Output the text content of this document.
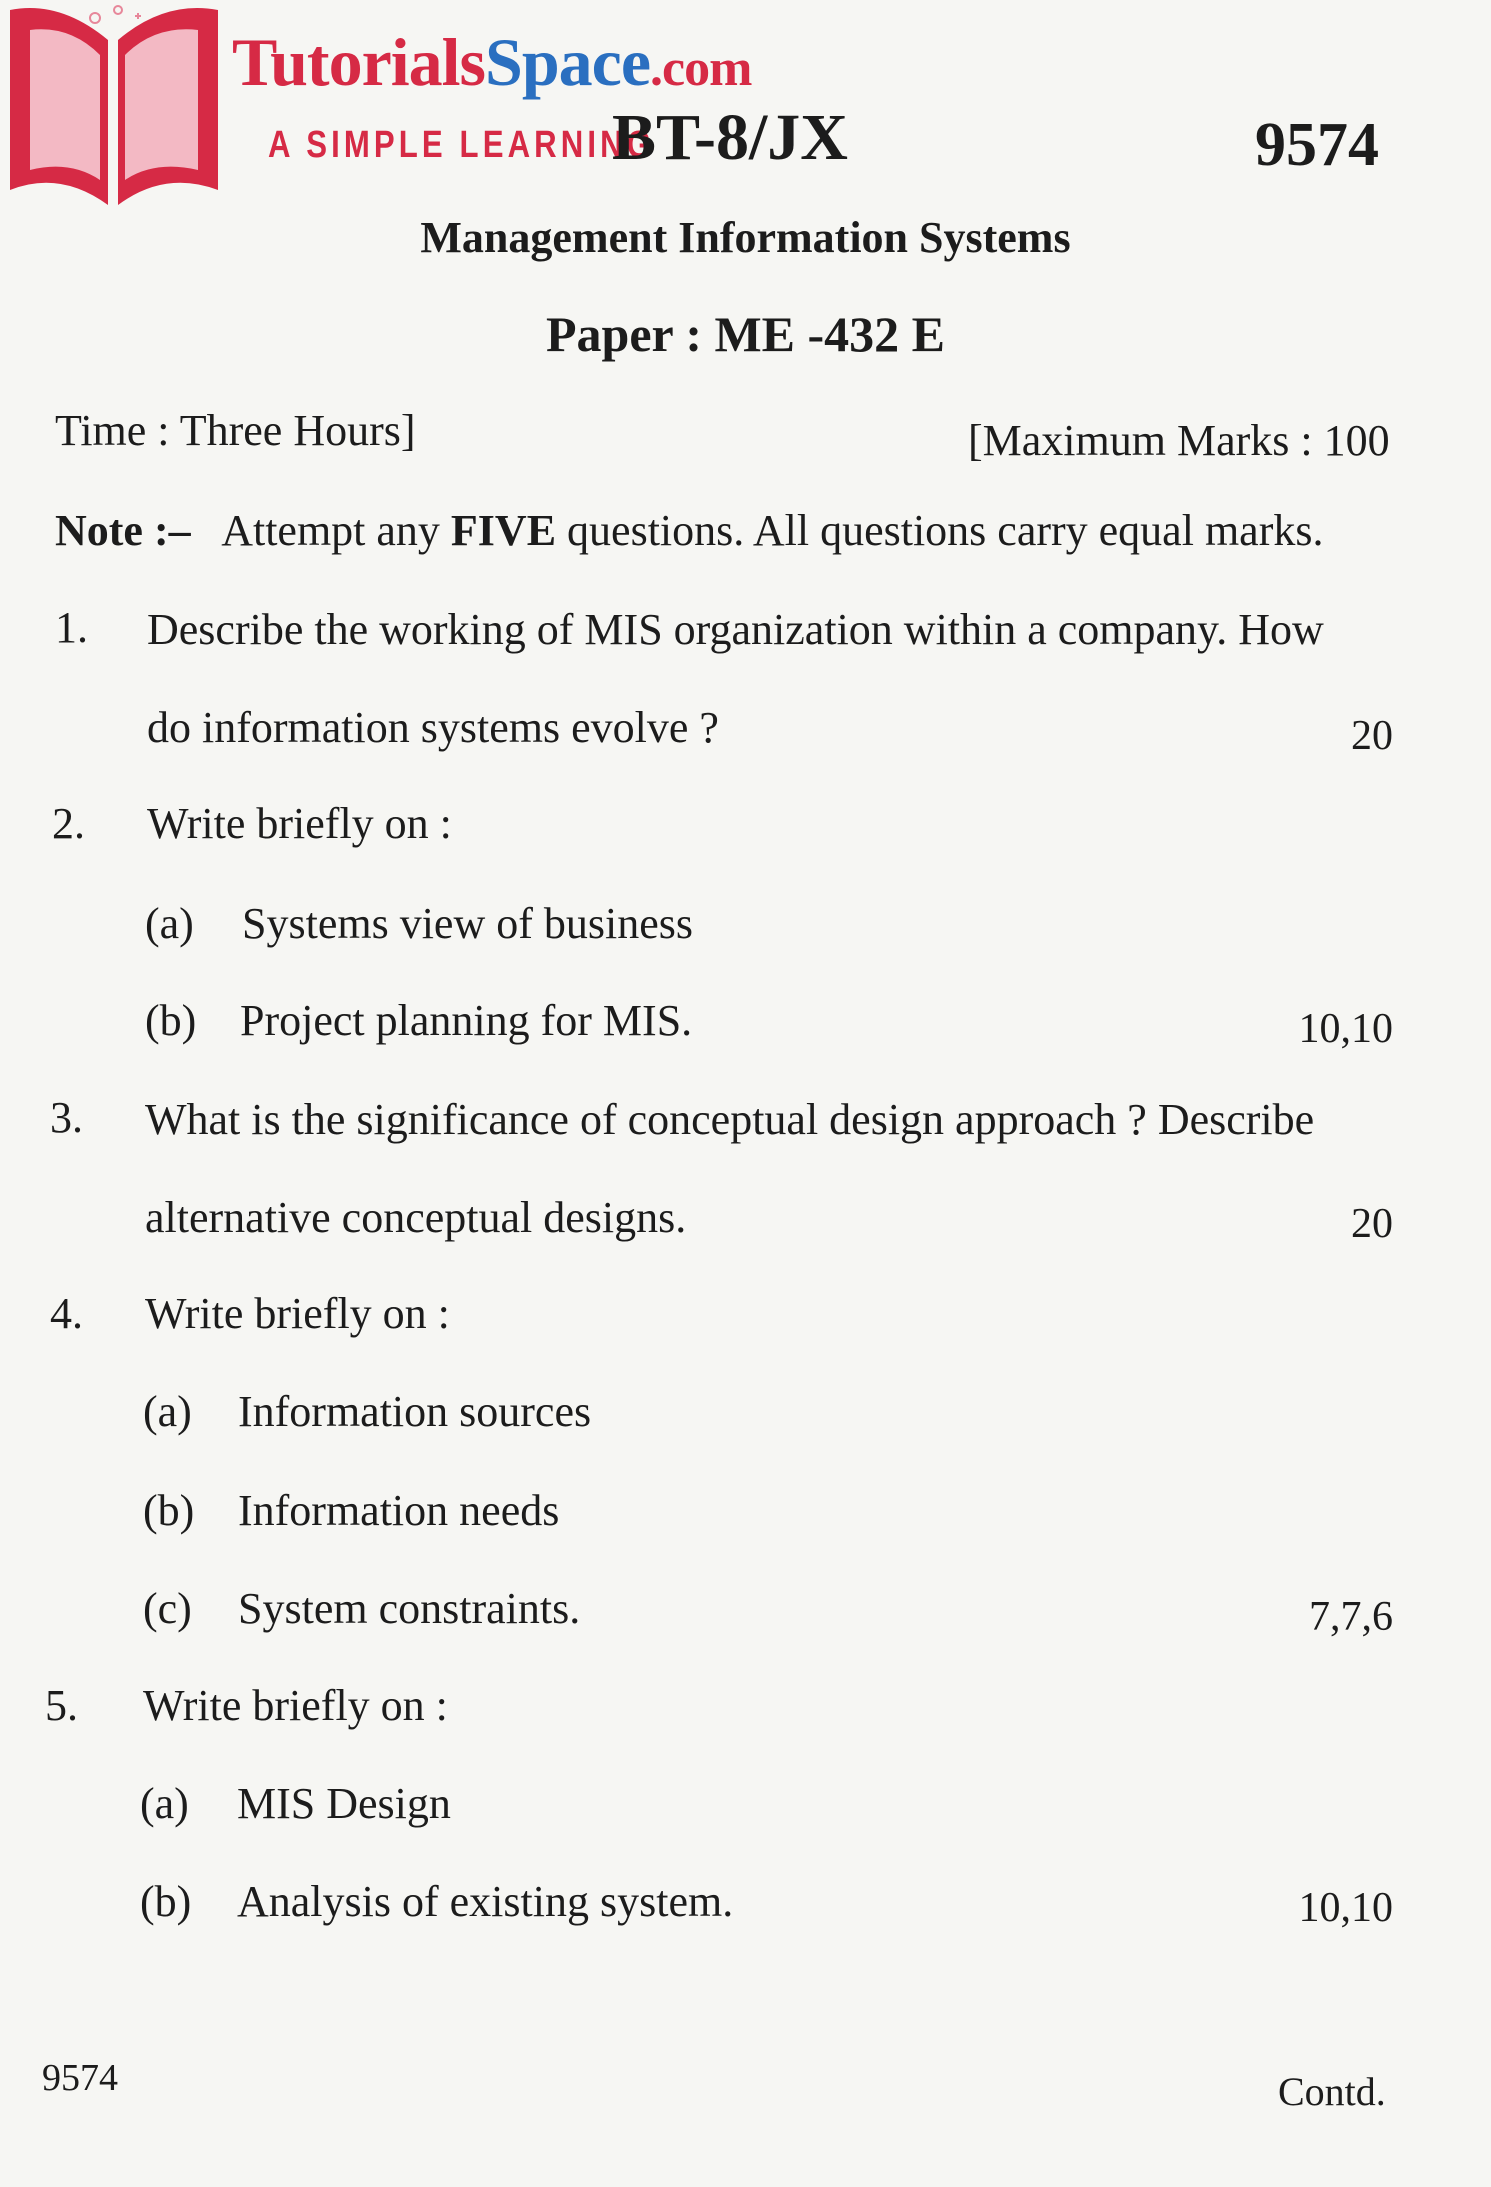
TutorialsSpace.com
A SIMPLE LEARNING
BT-8/JX	9574
Management Information Systems
Paper : ME -432 E
Time : Three Hours]	[Maximum Marks : 100
Note :– Attempt any FIVE questions. All questions carry equal marks.
1. Describe the working of MIS organization within a company. How
do information systems evolve ?	20
2. Write briefly on :
(a) Systems view of business
(b) Project planning for MIS.	10,10
3. What is the significance of conceptual design approach ? Describe
alternative conceptual designs.	20
4. Write briefly on :
(a) Information sources
(b) Information needs
(c) System constraints.	7,7,6
5. Write briefly on :
(a) MIS Design
(b) Analysis of existing system.	10,10
9574	Contd.
